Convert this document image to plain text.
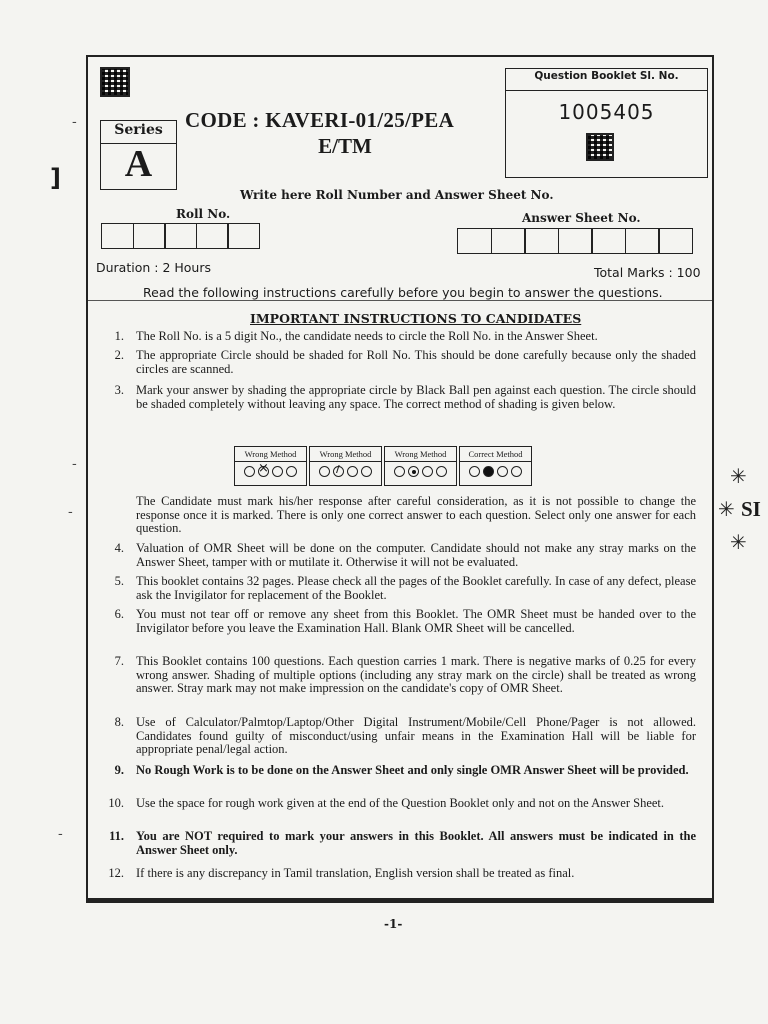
]
-
-
-
-
✳
✳ SI
✳
Question Booklet Sl. No.
1005405
Series
A
CODE : KAVERI-01/25/PEA
E/TM
Write here Roll Number and Answer Sheet No.
Roll No.	Answer Sheet No.
Duration : 2 Hours	Total Marks : 100
Read the following instructions carefully before you begin to answer the questions.
IMPORTANT INSTRUCTIONS TO CANDIDATES
1. The Roll No. is a 5 digit No., the candidate needs to circle the Roll No. in the Answer Sheet.
2. The appropriate Circle should be shaded for Roll No. This should be done carefully because only the shaded circles are scanned.
3. Mark your answer by shading the appropriate circle by Black Ball pen against each question. The circle should be shaded completely without leaving any space. The correct method of shading is given below.
Wrong Method
×	Wrong Method
/	Wrong Method	Correct Method
The Candidate must mark his/her response after careful consideration, as it is not possible to change the response once it is marked. There is only one correct answer to each question. Select only one answer for each question.
4. Valuation of OMR Sheet will be done on the computer. Candidate should not make any stray marks on the Answer Sheet, tamper with or mutilate it. Otherwise it will not be evaluated.
5. This booklet contains 32 pages. Please check all the pages of the Booklet carefully. In case of any defect, please ask the Invigilator for replacement of the Booklet.
6. You must not tear off or remove any sheet from this Booklet. The OMR Sheet must be handed over to the Invigilator before you leave the Examination Hall. Blank OMR Sheet will be cancelled.
7. This Booklet contains 100 questions. Each question carries 1 mark. There is negative marks of 0.25 for every wrong answer. Shading of multiple options (including any stray mark on the circle) shall be treated as wrong answer. Stray mark may not make impression on the candidate's copy of OMR Sheet.
8. Use of Calculator/Palmtop/Laptop/Other Digital Instrument/Mobile/Cell Phone/Pager is not allowed. Candidates found guilty of misconduct/using unfair means in the Examination Hall will be liable for appropriate penal/legal action.
9. No Rough Work is to be done on the Answer Sheet and only single OMR Answer Sheet will be provided.
10. Use the space for rough work given at the end of the Question Booklet only and not on the Answer Sheet.
11. You are NOT required to mark your answers in this Booklet. All answers must be indicated in the Answer Sheet only.
12. If there is any discrepancy in Tamil translation, English version shall be treated as final.
-1-
